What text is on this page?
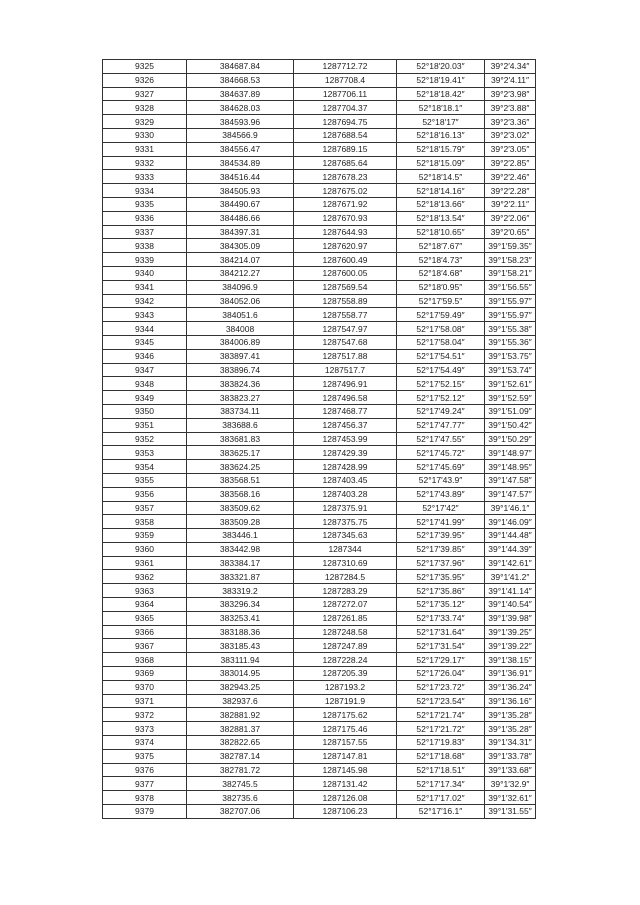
9325	384687.84	1287712.72	52°18′20.03″	39°2′4.34″
9326	384668.53	1287708.4	52°18′19.41″	39°2′4.11″
9327	384637.89	1287706.11	52°18′18.42″	39°2′3.98″
9328	384628.03	1287704.37	52°18′18.1″	39°2′3.88″
9329	384593.96	1287694.75	52°18′17″	39°2′3.36″
9330	384566.9	1287688.54	52°18′16.13″	39°2′3.02″
9331	384556.47	1287689.15	52°18′15.79″	39°2′3.05″
9332	384534.89	1287685.64	52°18′15.09″	39°2′2.85″
9333	384516.44	1287678.23	52°18′14.5″	39°2′2.46″
9334	384505.93	1287675.02	52°18′14.16″	39°2′2.28″
9335	384490.67	1287671.92	52°18′13.66″	39°2′2.11″
9336	384486.66	1287670.93	52°18′13.54″	39°2′2.06″
9337	384397.31	1287644.93	52°18′10.65″	39°2′0.65″
9338	384305.09	1287620.97	52°18′7.67″	39°1′59.35″
9339	384214.07	1287600.49	52°18′4.73″	39°1′58.23″
9340	384212.27	1287600.05	52°18′4.68″	39°1′58.21″
9341	384096.9	1287569.54	52°18′0.95″	39°1′56.55″
9342	384052.06	1287558.89	52°17′59.5″	39°1′55.97″
9343	384051.6	1287558.77	52°17′59.49″	39°1′55.97″
9344	384008	1287547.97	52°17′58.08″	39°1′55.38″
9345	384006.89	1287547.68	52°17′58.04″	39°1′55.36″
9346	383897.41	1287517.88	52°17′54.51″	39°1′53.75″
9347	383896.74	1287517.7	52°17′54.49″	39°1′53.74″
9348	383824.36	1287496.91	52°17′52.15″	39°1′52.61″
9349	383823.27	1287496.58	52°17′52.12″	39°1′52.59″
9350	383734.11	1287468.77	52°17′49.24″	39°1′51.09″
9351	383688.6	1287456.37	52°17′47.77″	39°1′50.42″
9352	383681.83	1287453.99	52°17′47.55″	39°1′50.29″
9353	383625.17	1287429.39	52°17′45.72″	39°1′48.97″
9354	383624.25	1287428.99	52°17′45.69″	39°1′48.95″
9355	383568.51	1287403.45	52°17′43.9″	39°1′47.58″
9356	383568.16	1287403.28	52°17′43.89″	39°1′47.57″
9357	383509.62	1287375.91	52°17′42″	39°1′46.1″
9358	383509.28	1287375.75	52°17′41.99″	39°1′46.09″
9359	383446.1	1287345.63	52°17′39.95″	39°1′44.48″
9360	383442.98	1287344	52°17′39.85″	39°1′44.39″
9361	383384.17	1287310.69	52°17′37.96″	39°1′42.61″
9362	383321.87	1287284.5	52°17′35.95″	39°1′41.2″
9363	383319.2	1287283.29	52°17′35.86″	39°1′41.14″
9364	383296.34	1287272.07	52°17′35.12″	39°1′40.54″
9365	383253.41	1287261.85	52°17′33.74″	39°1′39.98″
9366	383188.36	1287248.58	52°17′31.64″	39°1′39.25″
9367	383185.43	1287247.89	52°17′31.54″	39°1′39.22″
9368	383111.94	1287228.24	52°17′29.17″	39°1′38.15″
9369	383014.95	1287205.39	52°17′26.04″	39°1′36.91″
9370	382943.25	1287193.2	52°17′23.72″	39°1′36.24″
9371	382937.6	1287191.9	52°17′23.54″	39°1′36.16″
9372	382881.92	1287175.62	52°17′21.74″	39°1′35.28″
9373	382881.37	1287175.46	52°17′21.72″	39°1′35.28″
9374	382822.65	1287157.55	52°17′19.83″	39°1′34.31″
9375	382787.14	1287147.81	52°17′18.68″	39°1′33.78″
9376	382781.72	1287145.98	52°17′18.51″	39°1′33.68″
9377	382745.5	1287131.42	52°17′17.34″	39°1′32.9″
9378	382735.6	1287126.08	52°17′17.02″	39°1′32.61″
9379	382707.06	1287106.23	52°17′16.1″	39°1′31.55″
